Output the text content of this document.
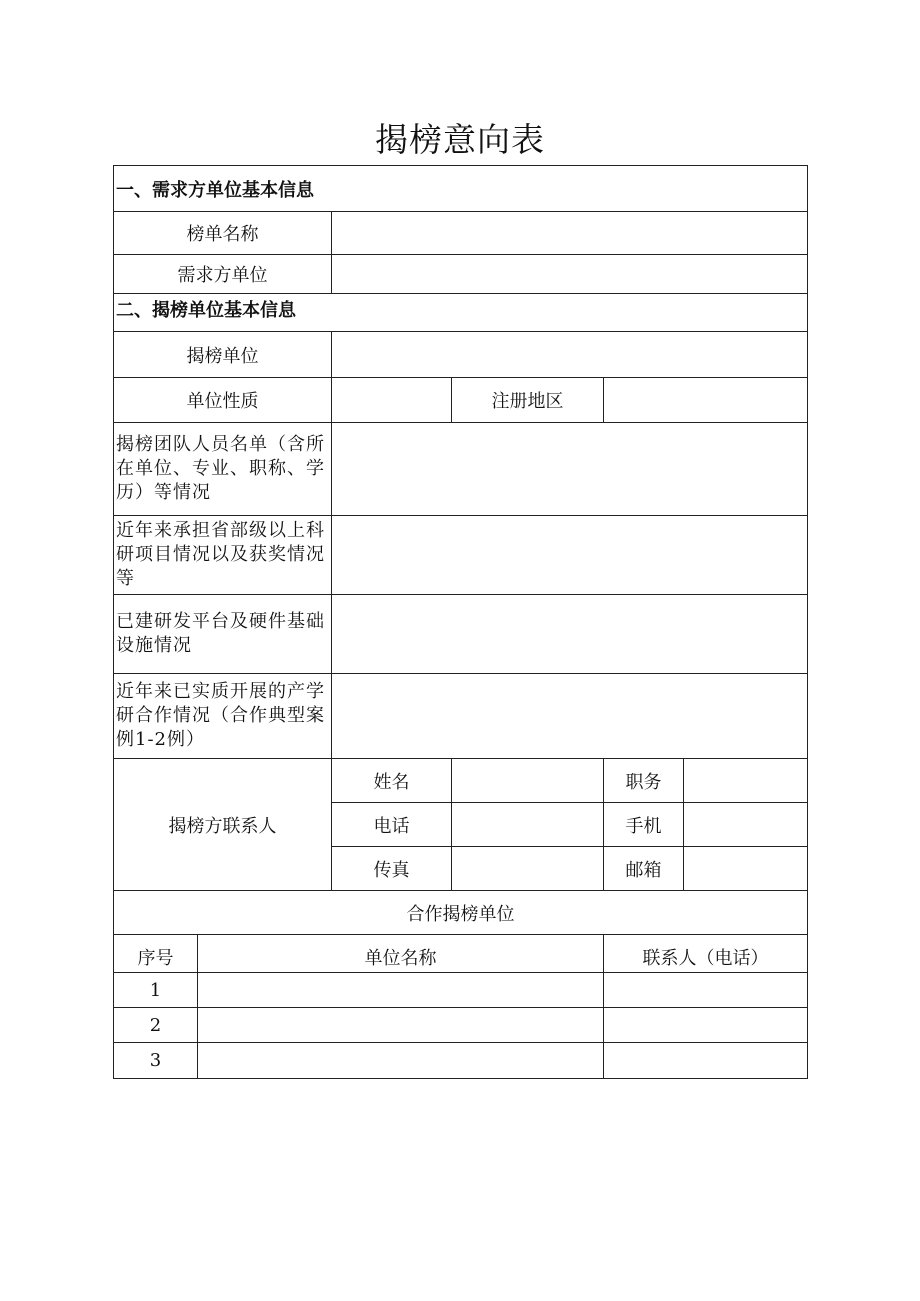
揭榜意向表
一、需求方单位基本信息					
榜单名称					
需求方单位					
二、揭榜单位基本信息					
揭榜单位					
单位性质			注册地区		
揭榜团队人员名单（含所在单位、专业、职称、学历）等情况					
近年来承担省部级以上科研项目情况以及获奖情况等					
已建研发平台及硬件基础设施情况					
近年来已实质开展的产学研合作情况（合作典型案例1-2例）					
揭榜方联系人		姓名		职务	
		电话		手机	
		传真		邮箱	
合作揭榜单位					
序号	单位名称			联系人（电话）	
1					
2					
3					
